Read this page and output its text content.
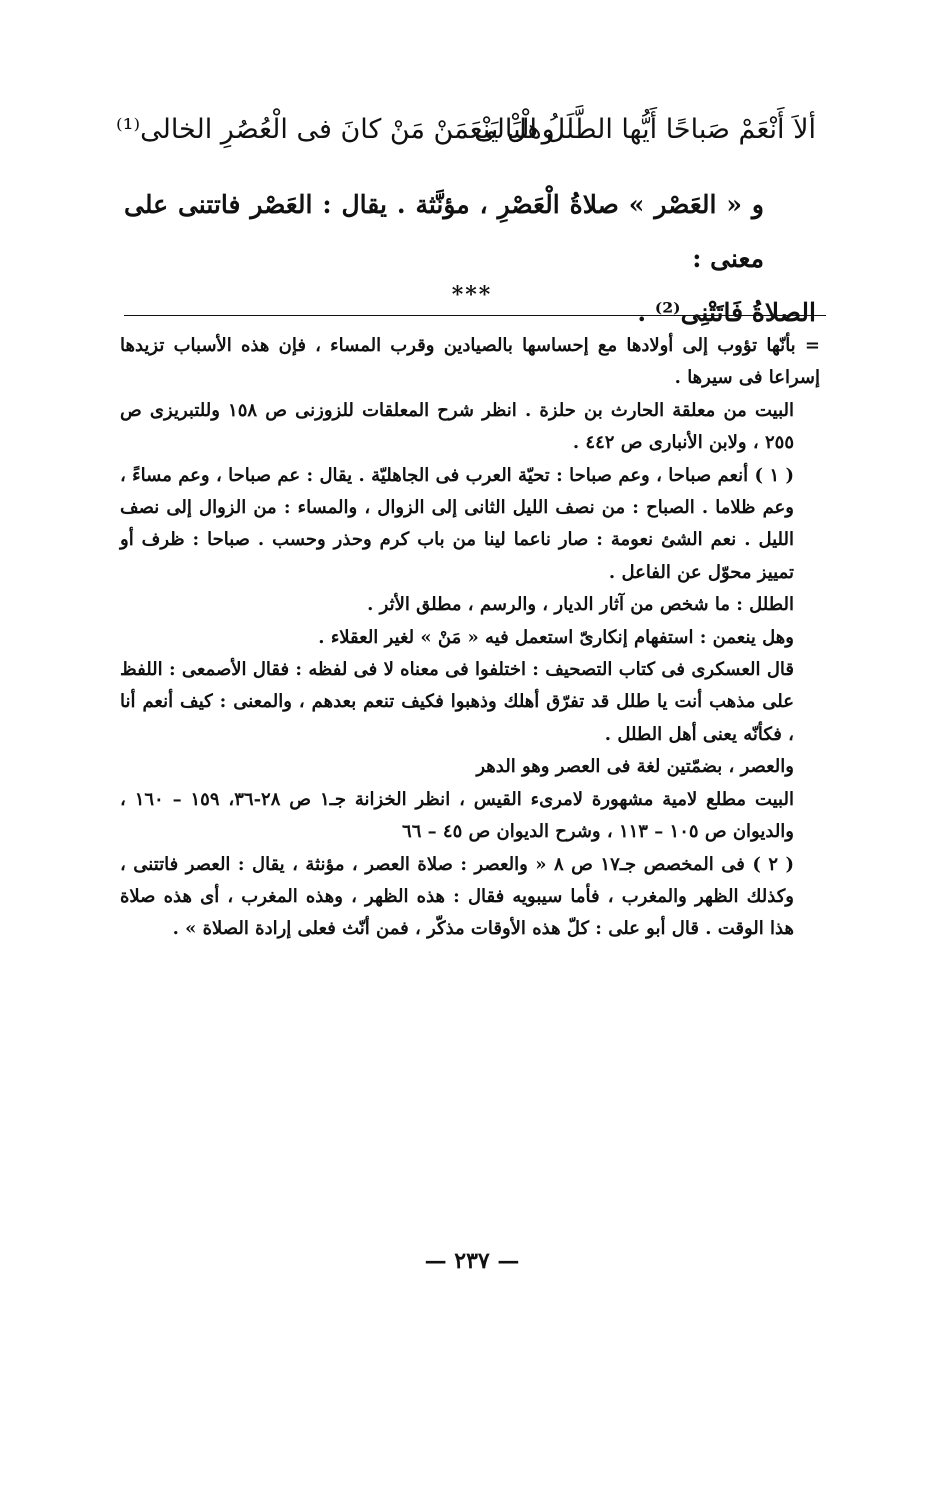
ألاَ أَنْعَمْ صَباحًا أَيُّها الطَّلَلُ الْبَالى
وهلْ يَنْعَمَنْ مَنْ كانَ فى الْعُصُرِ الخالى⁽¹⁾

و « العَصْر » صلاةُ الْعَصْرِ ، مؤنَّثة . يقال : العَصْر فاتتنى على معنى :

الصلاةُ فَاتَتْنِى⁽²⁾ .

***

= بأنّها تؤوب إلى أولادها مع إحساسها بالصيادين وقرب المساء ، فإن هذه الأسباب تزيدها إسراعا فى سيرها .

البيت من معلقة الحارث بن حلزة . انظر شرح المعلقات للزوزنى ص ١٥٨ وللتبريزى ص ٢٥٥ ، ولابن الأنبارى ص ٤٤٢ .

( ١ ) أنعم صباحا ، وعم صباحا : تحيّة العرب فى الجاهليّة . يقال : عم صباحا ، وعم مساءً ، وعم ظلاما . الصباح : من نصف الليل الثانى إلى الزوال ، والمساء : من الزوال إلى نصف الليل . نعم الشئ نعومة : صار ناعما لينا من باب كرم وحذر وحسب . صباحا : ظرف أو تمييز محوّل عن الفاعل .

الطلل : ما شخص من آثار الديار ، والرسم ، مطلق الأثر .

وهل ينعمن : استفهام إنكارىّ استعمل فيه « مَنْ » لغير العقلاء .

قال العسكرى فى كتاب التصحيف : اختلفوا فى معناه لا فى لفظه : فقال الأصمعى : اللفظ على مذهب أنت يا طلل قد تفرّق أهلك وذهبوا فكيف تنعم بعدهم ، والمعنى : كيف أنعم أنا ، فكأنّه يعنى أهل الطلل .

والعصر ، بضمّتين لغة فى العصر وهو الدهر

البيت مطلع لامية مشهورة لامرىء القيس ، انظر الخزانة جـ١ ص ٢٨-٣٦، ١٥٩ – ١٦٠ ، والديوان ص ١٠٥ – ١١٣ ، وشرح الديوان ص ٤٥ – ٦٦

( ٢ ) فى المخصص جـ١٧ ص ٨ « والعصر : صلاة العصر ، مؤنثة ، يقال : العصر فاتتنى ، وكذلك الظهر والمغرب ، فأما سيبويه فقال : هذه الظهر ، وهذه المغرب ، أى هذه صلاة هذا الوقت . قال أبو على : كلّ هذه الأوقات مذكّر ، فمن أنّث فعلى إرادة الصلاة » .

— ٢٣٧ —
